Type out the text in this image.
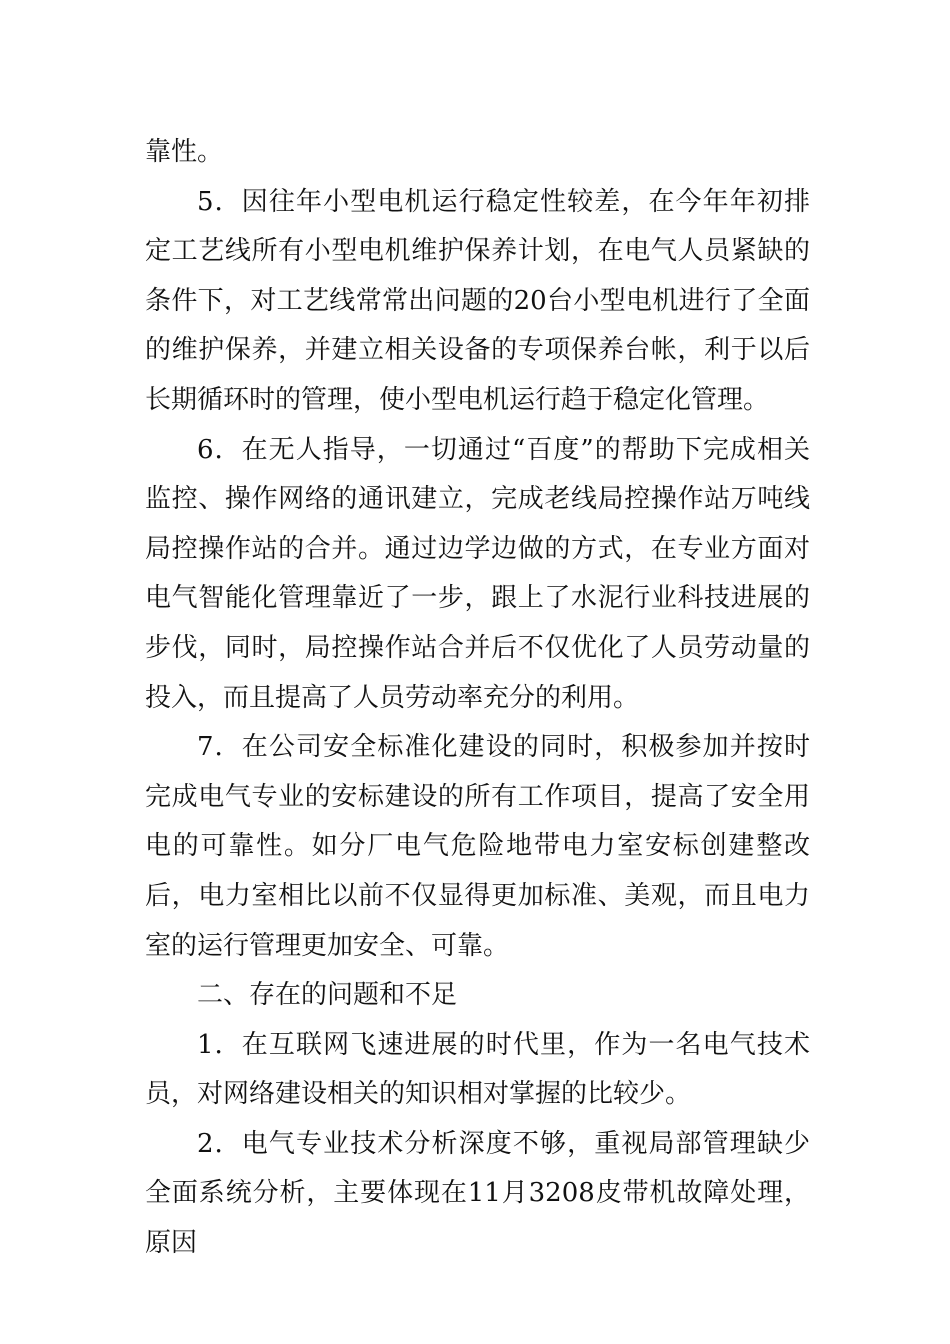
靠性。

5．因往年小型电机运行稳定性较差，在今年年初排定工艺线所有小型电机维护保养计划，在电气人员紧缺的条件下，对工艺线常常出问题的20台小型电机进行了全面的维护保养，并建立相关设备的专项保养台帐，利于以后长期循环时的管理，使小型电机运行趋于稳定化管理。

6．在无人指导，一切通过“百度”的帮助下完成相关监控、操作网络的通讯建立，完成老线局控操作站万吨线局控操作站的合并。通过边学边做的方式，在专业方面对电气智能化管理靠近了一步，跟上了水泥行业科技进展的步伐，同时，局控操作站合并后不仅优化了人员劳动量的投入，而且提高了人员劳动率充分的利用。

7．在公司安全标准化建设的同时，积极参加并按时完成电气专业的安标建设的所有工作项目，提高了安全用电的可靠性。如分厂电气危险地带电力室安标创建整改后，电力室相比以前不仅显得更加标准、美观，而且电力室的运行管理更加安全、可靠。

二、存在的问题和不足

1．在互联网飞速进展的时代里，作为一名电气技术员，对网络建设相关的知识相对掌握的比较少。

2．电气专业技术分析深度不够，重视局部管理缺少全面系统分析，主要体现在11月3208皮带机故障处理，原因
